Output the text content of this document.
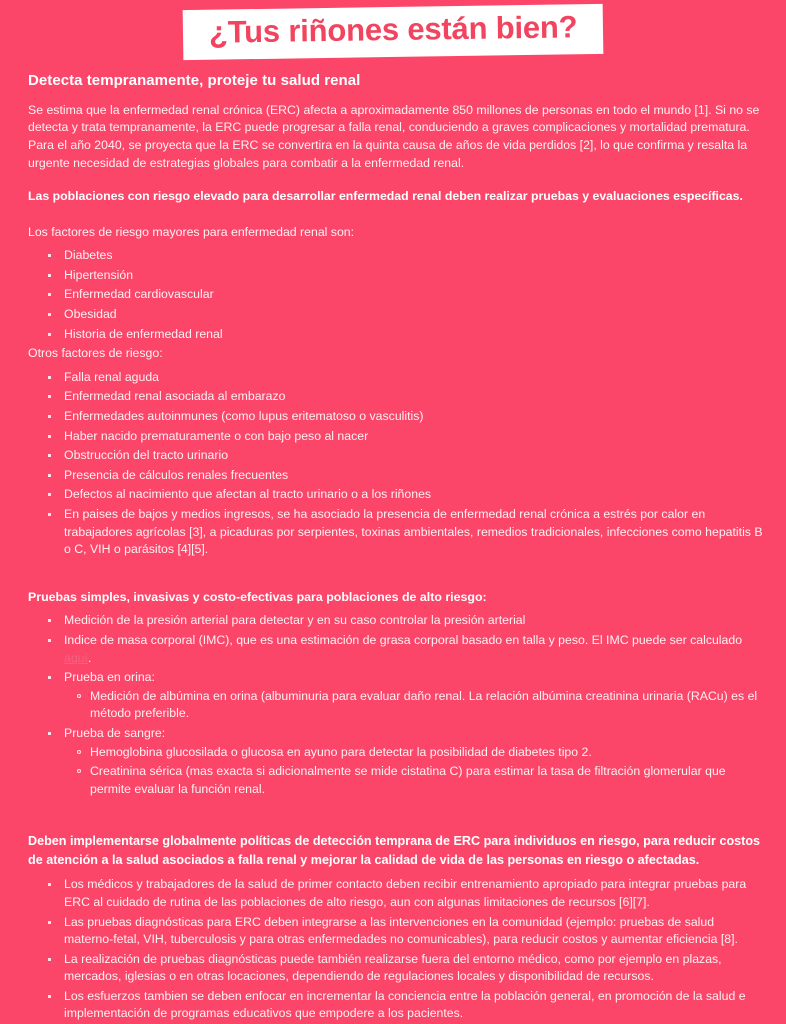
¿Tus riñones están bien?
Detecta tempranamente, proteje tu salud renal

Se estima que la enfermedad renal crónica (ERC) afecta a aproximadamente 850 millones de personas en todo el mundo [1]. Si no se detecta y trata tempranamente, la ERC puede progresar a falla renal, conduciendo a graves complicaciones y mortalidad prematura. Para el año 2040, se proyecta que la ERC se convertira en la quinta causa de años de vida perdidos [2], lo que confirma y resalta la urgente necesidad de estrategias globales para combatir a la enfermedad renal.

Las poblaciones con riesgo elevado para desarrollar enfermedad renal deben realizar pruebas y evaluaciones específicas.

Los factores de riesgo mayores para enfermedad renal son:

Diabetes
Hipertensión
Enfermedad cardiovascular
Obesidad
Historia de enfermedad renal

Otros factores de riesgo:

Falla renal aguda
Enfermedad renal asociada al embarazo
Enfermedades autoinmunes (como lupus eritematoso o vasculitis)
Haber nacido prematuramente o con bajo peso al nacer
Obstrucción del tracto urinario
Presencia de cálculos renales frecuentes
Defectos al nacimiento que afectan al tracto urinario o a los riñones
En paises de bajos y medios ingresos, se ha asociado la presencia de enfermedad renal crónica a estrés por calor en trabajadores agrícolas [3], a picaduras por serpientes, toxinas ambientales, remedios tradicionales, infecciones como hepatitis B o C, VIH o parásitos [4][5].

Pruebas simples, invasivas y costo-efectivas para poblaciones de alto riesgo:

Medición de la presión arterial para detectar y en su caso controlar la presión arterial
Indice de masa corporal (IMC), que es una estimación de grasa corporal basado en talla y peso. El IMC puede ser calculado aquí.
Prueba en orina:
Medición de albúmina en orina (albuminuria para evaluar daño renal. La relación albúmina creatinina urinaria (RACu) es el método preferible.
Prueba de sangre:
Hemoglobina glucosilada o glucosa en ayuno para detectar la posibilidad de diabetes tipo 2.
Creatinina sérica (mas exacta si adicionalmente se mide cistatina C) para estimar la tasa de filtración glomerular que permite evaluar la función renal.

Deben implementarse globalmente políticas de detección temprana de ERC para individuos en riesgo, para reducir costos de atención a la salud asociados a falla renal y mejorar la calidad de vida de las personas en riesgo o afectadas.

Los médicos y trabajadores de la salud de primer contacto deben recibir entrenamiento apropiado para integrar pruebas para ERC al cuidado de rutina de las poblaciones de alto riesgo, aun con algunas limitaciones de recursos [6][7].
Las pruebas diagnósticas para ERC deben integrarse a las intervenciones en la comunidad (ejemplo: pruebas de salud materno-fetal, VIH, tuberculosis y para otras enfermedades no comunicables), para reducir costos y aumentar eficiencia [8].
La realización de pruebas diagnósticas puede también realizarse fuera del entorno médico, como por ejemplo en plazas, mercados, iglesias o en otras locaciones, dependiendo de regulaciones locales y disponibilidad de recursos.
Los esfuerzos tambien se deben enfocar en incrementar la conciencia entre la población general, en promoción de la salud e implementación de programas educativos que empodere a los pacientes.
